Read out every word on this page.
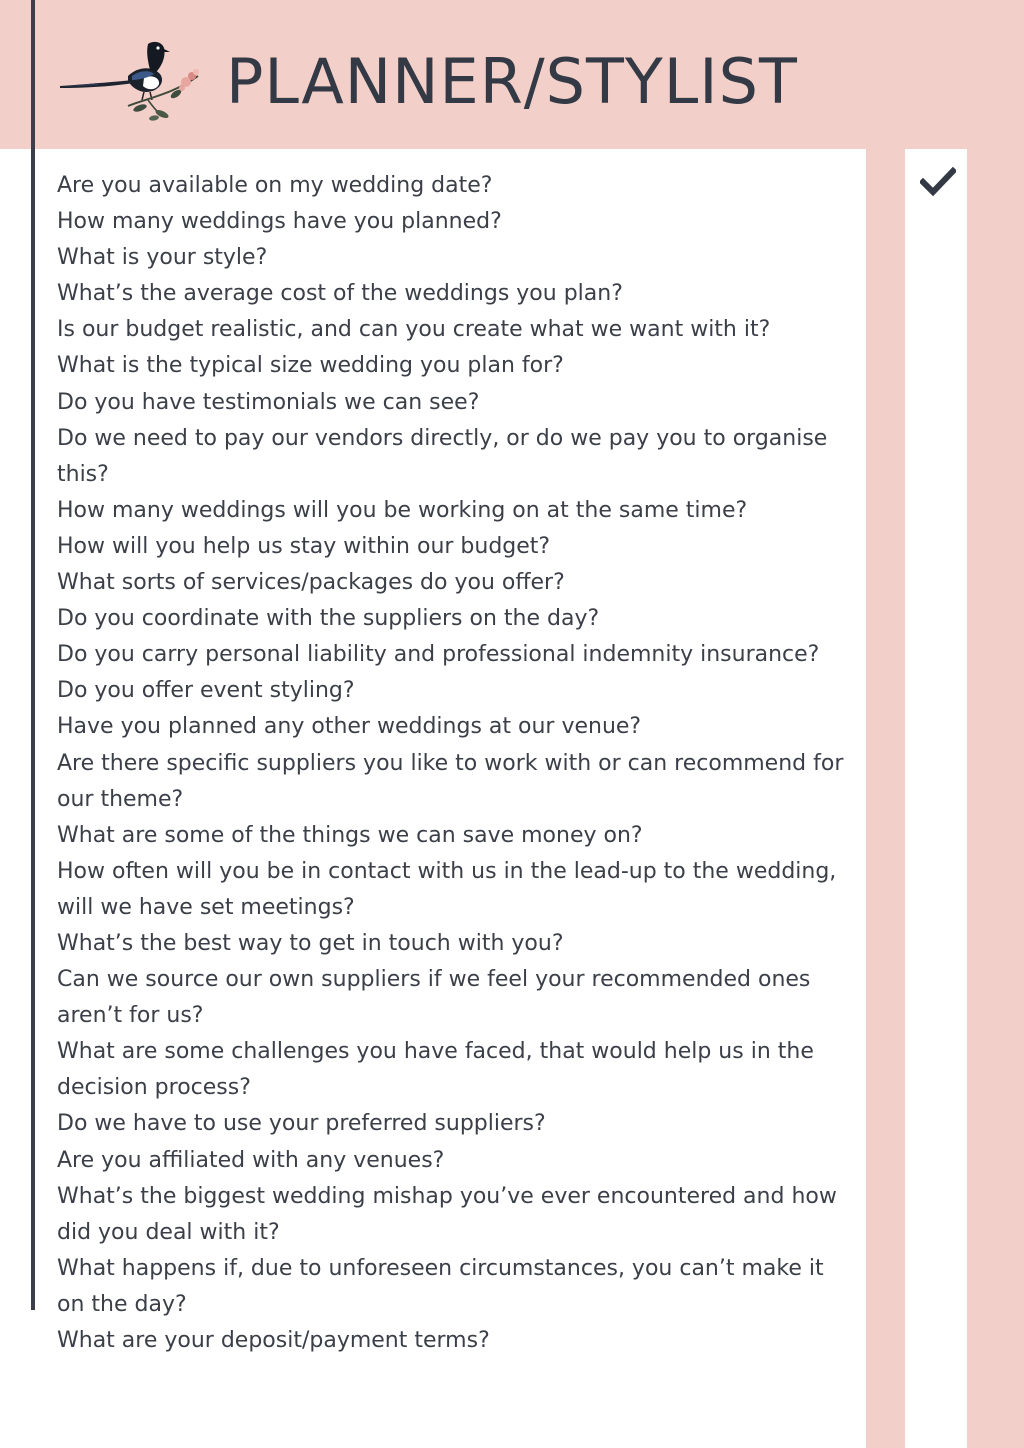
PLANNER/STYLIST
Are you available on my wedding date?
How many weddings have you planned?
What is your style?
What’s the average cost of the weddings you plan?
Is our budget realistic, and can you create what we want with it?
What is the typical size wedding you plan for?
Do you have testimonials we can see?
Do we need to pay our vendors directly, or do we pay you to organise this?
How many weddings will you be working on at the same time?
How will you help us stay within our budget?
What sorts of services/packages do you offer?
Do you coordinate with the suppliers on the day?
Do you carry personal liability and professional indemnity insurance?
Do you offer event styling?
Have you planned any other weddings at our venue?
Are there specific suppliers you like to work with or can recommend for our theme?
What are some of the things we can save money on?
How often will you be in contact with us in the lead-up to the wedding, will we have set meetings?
What’s the best way to get in touch with you?
Can we source our own suppliers if we feel your recommended ones aren’t for us?
What are some challenges you have faced, that would help us in the decision process?
Do we have to use your preferred suppliers?
Are you affiliated with any venues?
What’s the biggest wedding mishap you’ve ever encountered and how did you deal with it?
What happens if, due to unforeseen circumstances, you can’t make it on the day?
What are your deposit/payment terms?
